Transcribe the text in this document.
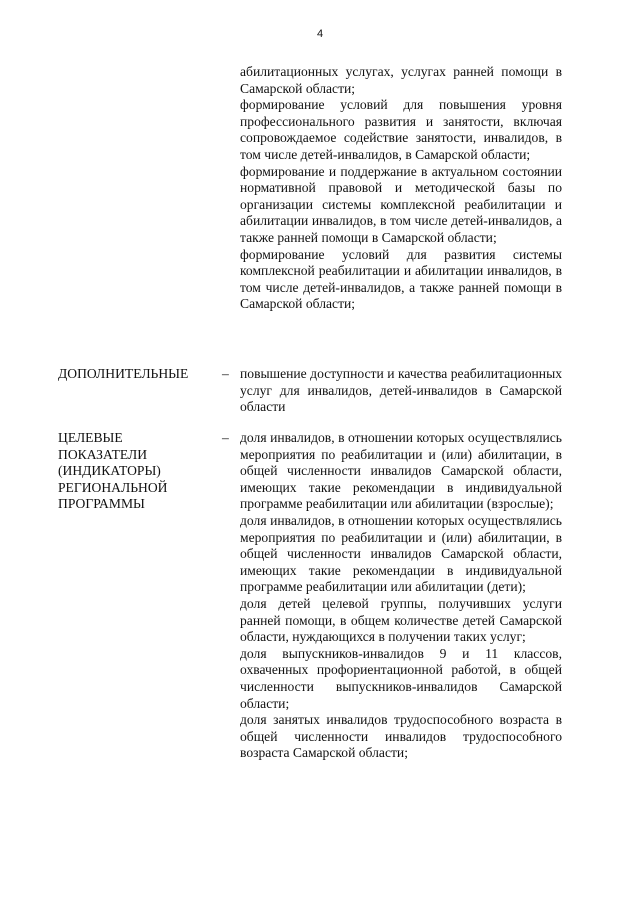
4

абилитационных услугах, услугах ранней помощи в Самарской области;

формирование условий для повышения уровня профессионального развития и занятости, включая сопровождаемое содействие занятости, инвалидов, в том числе детей-инвалидов, в Самарской области;

формирование и поддержание в актуальном состоянии нормативной правовой и методической базы по организации системы комплексной реабилитации и абилитации инвалидов, в том числе детей-инвалидов, а также ранней помощи в Самарской области;

формирование условий для развития системы комплексной реабилитации и абилитации инвалидов, в том числе детей-инвалидов, а также ранней помощи в Самарской области;

ДОПОЛНИТЕЛЬНЫЕ	– повышение доступности и качества реабилитационных услуг для инвалидов, детей-инвалидов в Самарской области
ЦЕЛЕВЫЕ
ПОКАЗАТЕЛИ
(ИНДИКАТОРЫ)
РЕГИОНАЛЬНОЙ
ПРОГРАММЫ
– доля инвалидов, в отношении которых осуществлялись мероприятия по реабилитации и (или) абилитации, в общей численности инвалидов Самарской области, имеющих такие рекомендации в индивидуальной программе реабилитации или абилитации (взрослые);

доля инвалидов, в отношении которых осуществлялись мероприятия по реабилитации и (или) абилитации, в общей численности инвалидов Самарской области, имеющих такие рекомендации в индивидуальной программе реабилитации или абилитации (дети);

доля детей целевой группы, получивших услуги ранней помощи, в общем количестве детей Самарской области, нуждающихся в получении таких услуг;

доля выпускников-инвалидов 9 и 11 классов, охваченных профориентационной работой, в общей численности выпускников-инвалидов Самарской области;

доля занятых инвалидов трудоспособного возраста в общей численности инвалидов трудоспособного возраста Самарской области;
